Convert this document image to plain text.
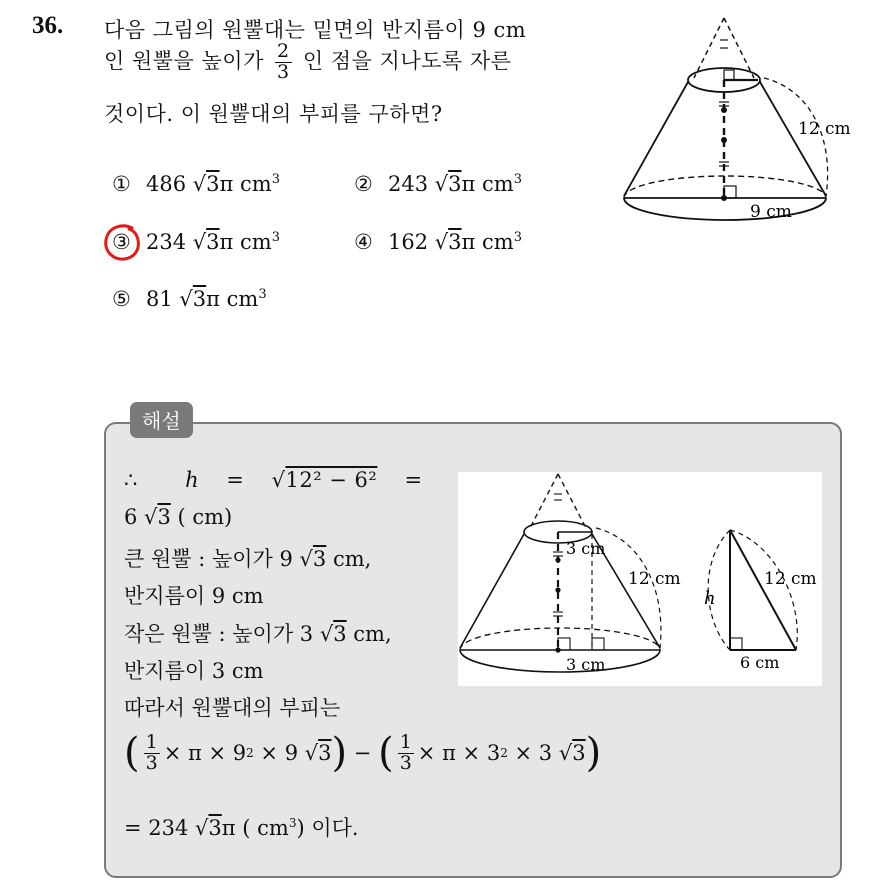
36. 다음 그림의 원뿔대는 밑면의 반지름이 9 cm
인 원뿔을 높이가 $\frac{2}{3}$ 인 점을 지나도록 자른
것이다. 이 원뿔대의 부피를 구하면?
① 486 √3π $cm^3$	② 243 √3π $cm^3$
③ 234 √3π $cm^3$	④ 162 √3π $cm^3$
⑤ 81 √3π $cm^3$
12 cm
9 cm
해설
∴ h = √12² − 6² =
6 √3 ( cm)
큰 원뿔 : 높이가 9 √3 cm,
반지름이 9 cm
작은 원뿔 : 높이가 3 √3 cm,
반지름이 3 cm
따라서 원뿔대의 부피는
( $\frac{1}{3} \times \pi \times 9$ 2
× 9 √ 3 )
−
( $\frac{1}{3} \times \pi \times 3$ 2
× 3 √ 3 )
= 234 √3π ( $cm^3$) 이다.
3 cm
12 cm
3 cm
h
12 cm
6 cm
